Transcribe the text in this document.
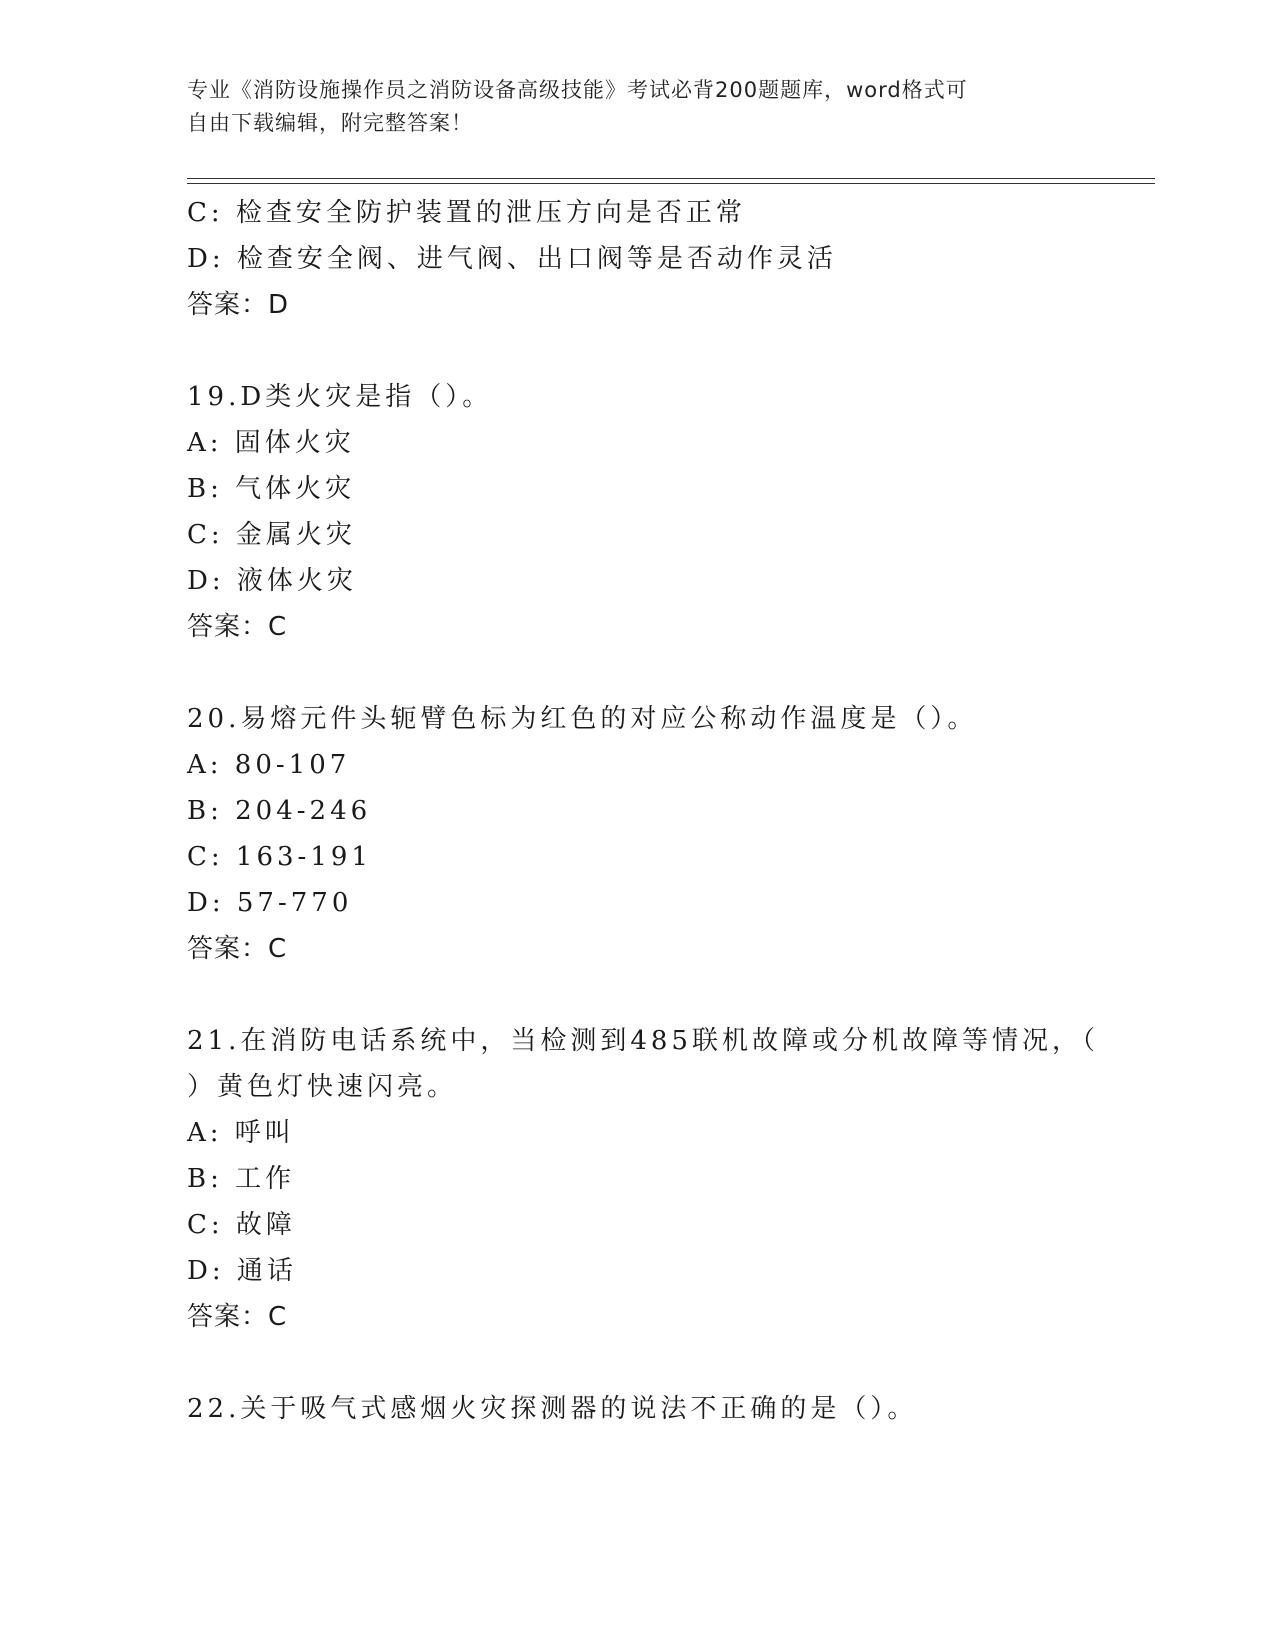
专业《消防设施操作员之消防设备高级技能》考试必背200题题库，word格式可
自由下载编辑，附完整答案！
C: 检查安全防护装置的泄压方向是否正常
D: 检查安全阀、进气阀、出口阀等是否动作灵活
答案：D
19.D类火灾是指（）。
A: 固体火灾
B: 气体火灾
C: 金属火灾
D: 液体火灾
答案：C
20.易熔元件头轭臂色标为红色的对应公称动作温度是（）。
A: 80-107
B: 204-246
C: 163-191
D: 57-770
答案：C
21.在消防电话系统中，当检测到485联机故障或分机故障等情况，（
）黄色灯快速闪亮。
A: 呼叫
B: 工作
C: 故障
D: 通话
答案：C
22.关于吸气式感烟火灾探测器的说法不正确的是（）。
